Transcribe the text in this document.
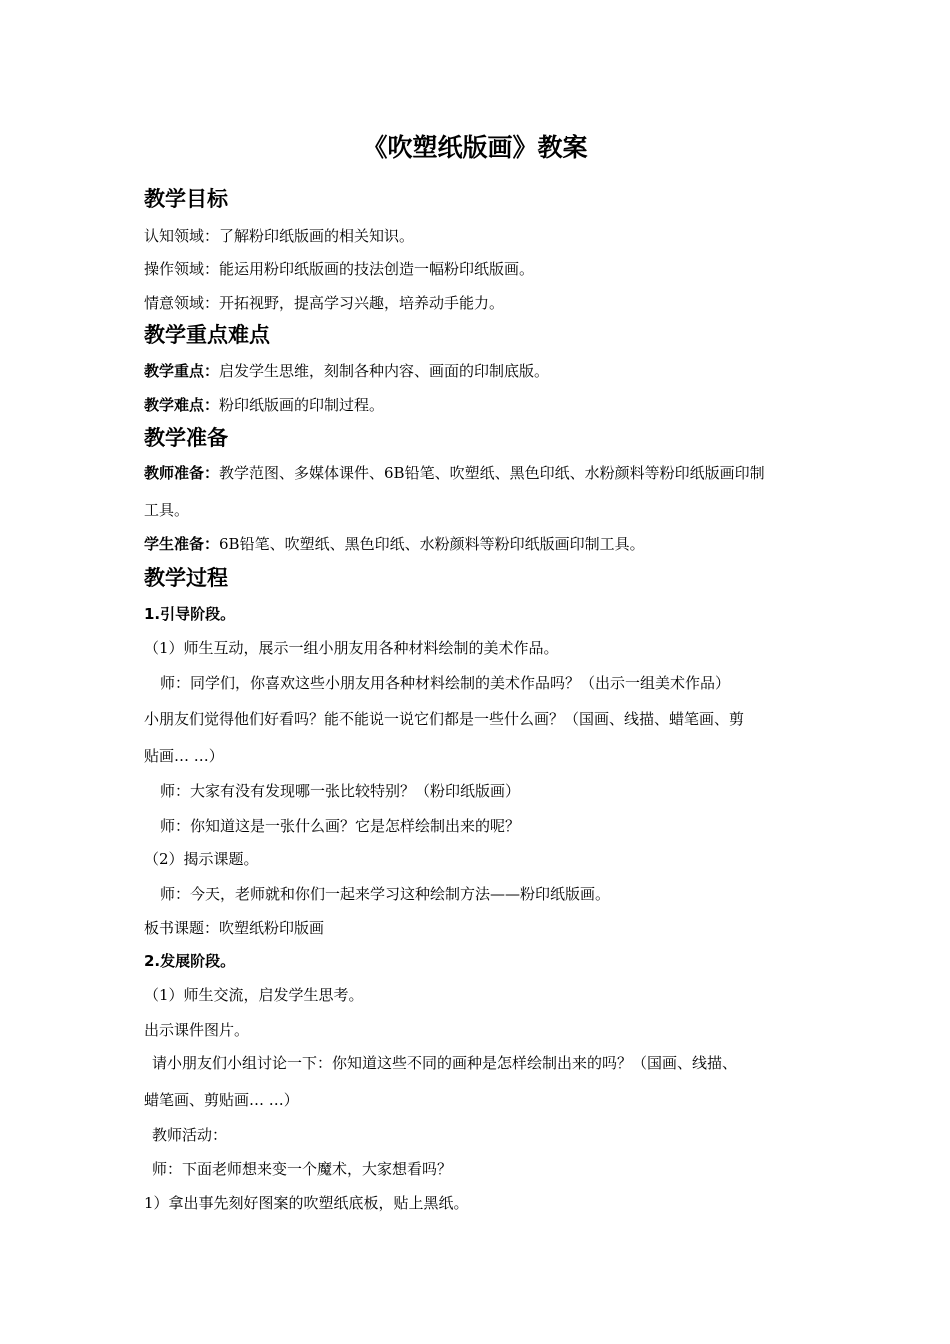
《吹塑纸版画》教案
教学目标
认知领域：了解粉印纸版画的相关知识。
操作领域：能运用粉印纸版画的技法创造一幅粉印纸版画。
情意领域：开拓视野，提高学习兴趣，培养动手能力。
教学重点难点
教学重点：启发学生思维，刻制各种内容、画面的印制底版。
教学难点：粉印纸版画的印制过程。
教学准备
教师准备：教学范图、多媒体课件、6B铅笔、吹塑纸、黑色印纸、水粉颜料等粉印纸版画印制
工具。
学生准备：6B铅笔、吹塑纸、黑色印纸、水粉颜料等粉印纸版画印制工具。
教学过程
1.引导阶段。
（1）师生互动，展示一组小朋友用各种材料绘制的美术作品。
师：同学们，你喜欢这些小朋友用各种材料绘制的美术作品吗？（出示一组美术作品）
小朋友们觉得他们好看吗？能不能说一说它们都是一些什么画？（国画、线描、蜡笔画、剪
贴画… …）
师：大家有没有发现哪一张比较特别？（粉印纸版画）
师：你知道这是一张什么画？它是怎样绘制出来的呢？
（2）揭示课题。
师：今天，老师就和你们一起来学习这种绘制方法——粉印纸版画。
板书课题：吹塑纸粉印版画
2.发展阶段。
（1）师生交流，启发学生思考。
出示课件图片。
请小朋友们小组讨论一下：你知道这些不同的画种是怎样绘制出来的吗？（国画、线描、
蜡笔画、剪贴画… …）
教师活动：
师：下面老师想来变一个魔术，大家想看吗？
1）拿出事先刻好图案的吹塑纸底板，贴上黑纸。
